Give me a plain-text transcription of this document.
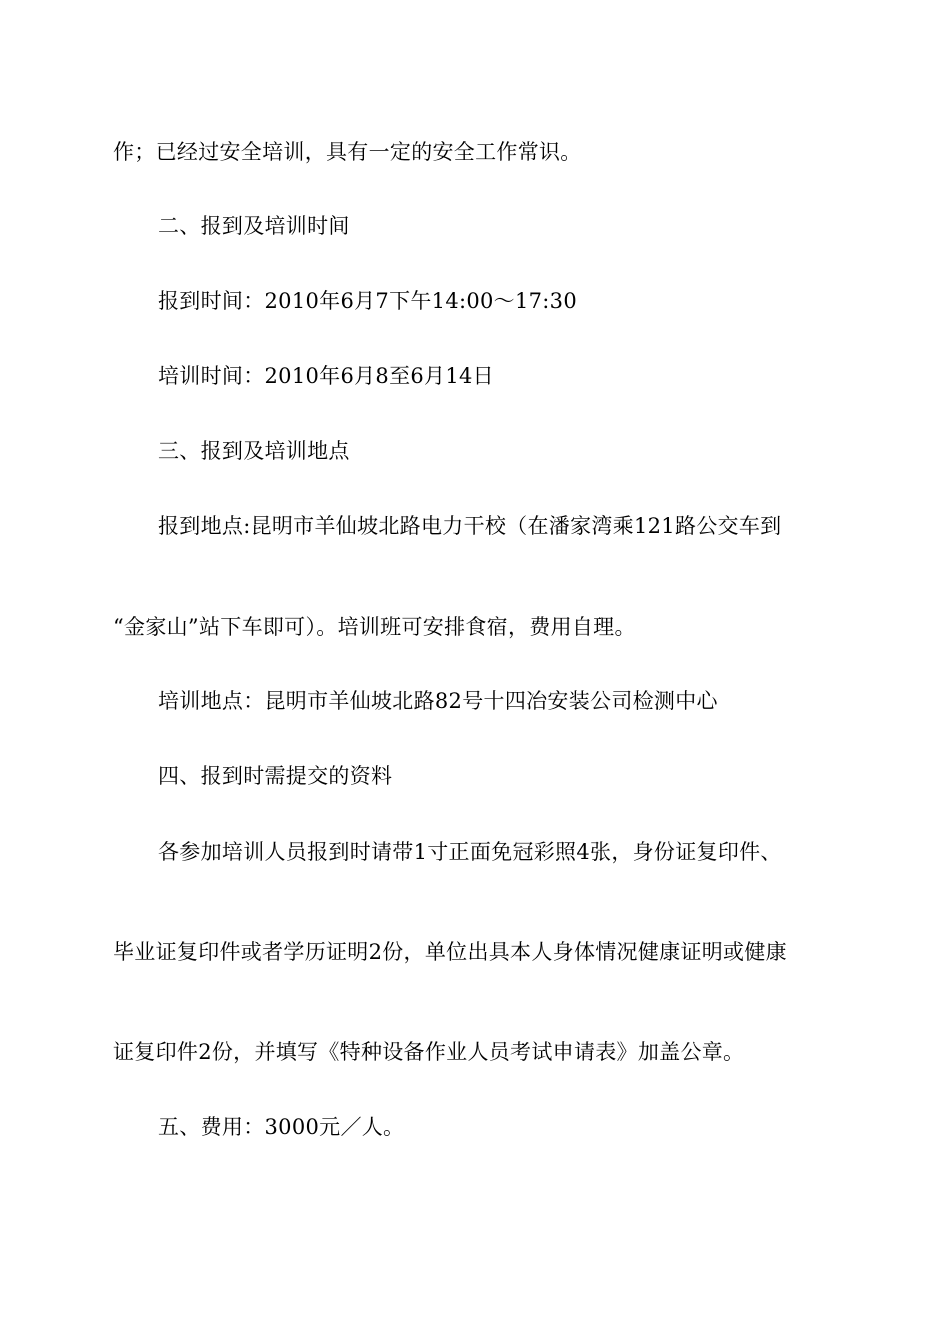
作；已经过安全培训，具有一定的安全工作常识。
二、报到及培训时间
报到时间：2010年6月7下午14:00～17:30
培训时间：2010年6月8至6月14日
三、报到及培训地点
报到地点:昆明市羊仙坡北路电力干校（在潘家湾乘121路公交车到
“金家山”站下车即可）。培训班可安排食宿，费用自理。
培训地点：昆明市羊仙坡北路82号十四冶安装公司检测中心
四、报到时需提交的资料
各参加培训人员报到时请带1寸正面免冠彩照4张，身份证复印件、
毕业证复印件或者学历证明2份，单位出具本人身体情况健康证明或健康
证复印件2份，并填写《特种设备作业人员考试申请表》加盖公章。
五、费用：3000元／人。
